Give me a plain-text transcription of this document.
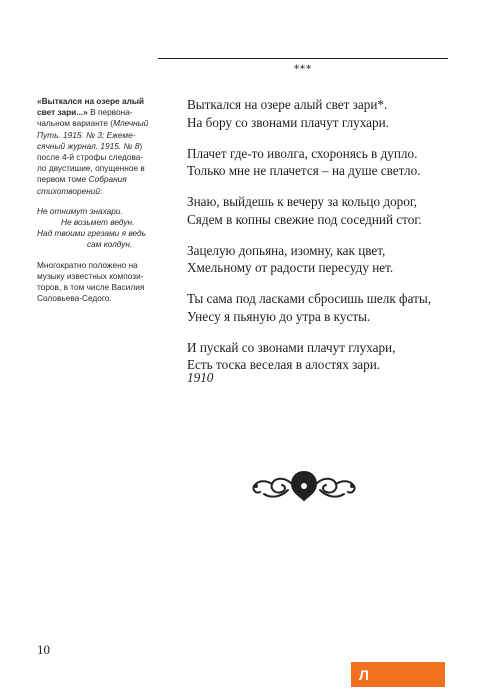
***

«Выткался на озере алый свет зари...» В первона-чальном варианте (Млечный Путь. 1915. № 3; Ежеме-сячный журнал. 1915. № 8) после 4-й строфы следова-ло двустишие, опущенное в первом томе Собрания стихотворений:

Не отнимут знахари.
Не возьмет ведун.
Над твоими грезами я ведь
сам колдун.

Многократно положено на музыку известных компози-торов, в том числе Василия Соловьева-Седого.

Выткался на озере алый свет зари*.
На бору со звонами плачут глухари.
Плачет где-то иволга, схоронясь в дупло.
Только мне не плачется – на душе светло.
Знаю, выйдешь к вечеру за кольцо дорог,
Сядем в копны свежие под соседний стог.
Зацелую допьяна, изомну, как цвет,
Хмельному от радости пересуду нет.
Ты сама под ласками сбросишь шелк фаты,
Унесу я пьяную до утра в кусты.
И пускай со звонами плачут глухари,
Есть тоска веселая в алостях зари.
1910
10
Л
